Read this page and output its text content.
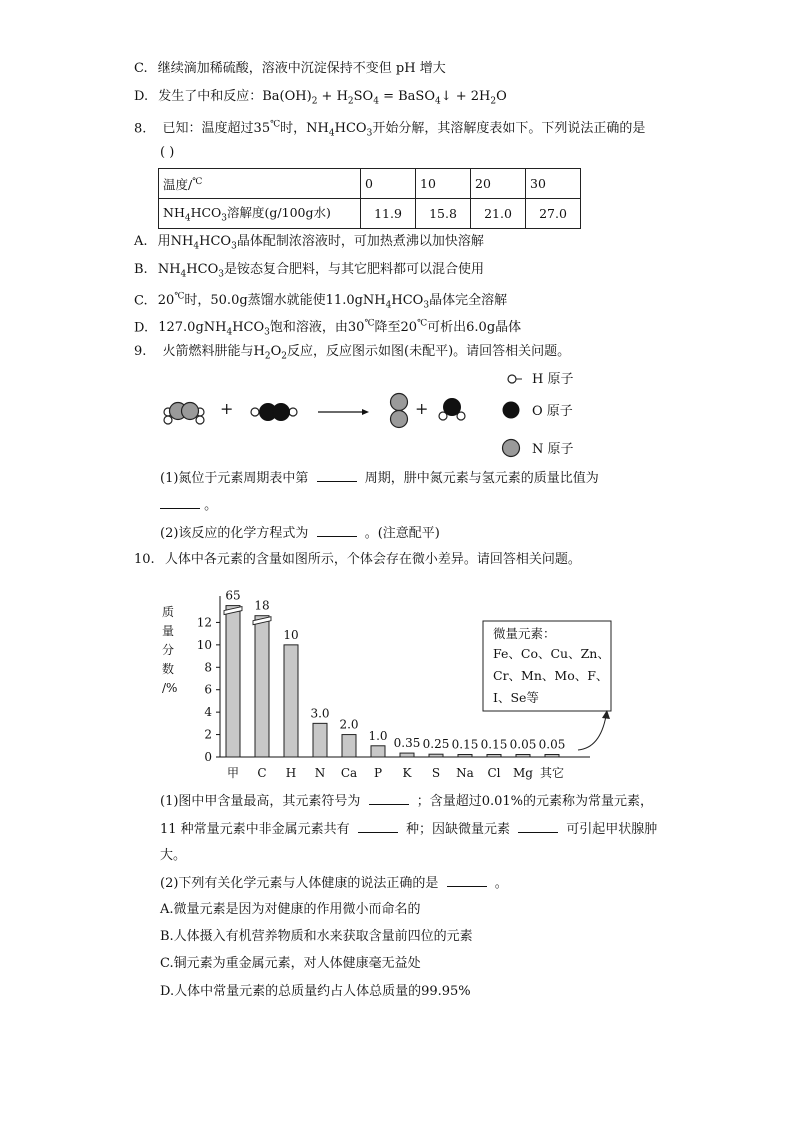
C. 继续滴加稀硫酸，溶液中沉淀保持不变但 pH 增大
D. 发生了中和反应：$Ba(OH)_2 + H_2SO_4$ = BaSO$_4$↓ + $2H_2O$
8. 已知：温度超过35℃时，$NH_4HCO_3$开始分解，其溶解度表如下。下列说法正确的是
( )
温度/℃	0	10	20	30
$NH_4HCO_3$溶解度(g/100g水)	11.9	15.8	21.0	27.0
A. 用$NH_4HCO_3$晶体配制浓溶液时，可加热煮沸以加快溶解
B. $NH_4HCO_3$是铵态复合肥料，与其它肥料都可以混合使用
C. 20℃时，50.0g蒸馏水就能使$11.0gNH_4HCO_3$晶体完全溶解
D. $127.0gNH_4HCO_3$饱和溶液，由30℃降至20℃可析出6.0g晶体
9. 火箭燃料肼能与$H_2O_2$反应，反应图示如图(未配平)。请回答相关问题。
+	+
H 原子
O 原子
N 原子
(1)氮位于元素周期表中第	周期，肼中氮元素与氢元素的质量比值为
。
(2)该反应的化学方程式为	。(注意配平)
10. 人体中各元素的含量如图所示，个体会存在微小差异。请回答相关问题。
质
量
分
数
/%
0
2
4
6
8
10
12
65
甲
18
C
10
H
3.0
N
2.0
Ca
1.0
P
0.35
K
0.25
S
0.15
Na
0.15
Cl
0.05
Mg
0.05
其它
微量元素：
Fe、Co、Cu、Zn、
Cr、Mn、Mo、F、
I、Se等
(1)图中甲含量最高，其元素符号为	；含量超过0.01%的元素称为常量元素，
11 种常量元素中非金属元素共有	种；因缺微量元素	可引起甲状腺肿
大。
(2)下列有关化学元素与人体健康的说法正确的是	。
A.微量元素是因为对健康的作用微小而命名的
B.人体摄入有机营养物质和水来获取含量前四位的元素
C.铜元素为重金属元素，对人体健康毫无益处
D.人体中常量元素的总质量约占人体总质量的99.95%
